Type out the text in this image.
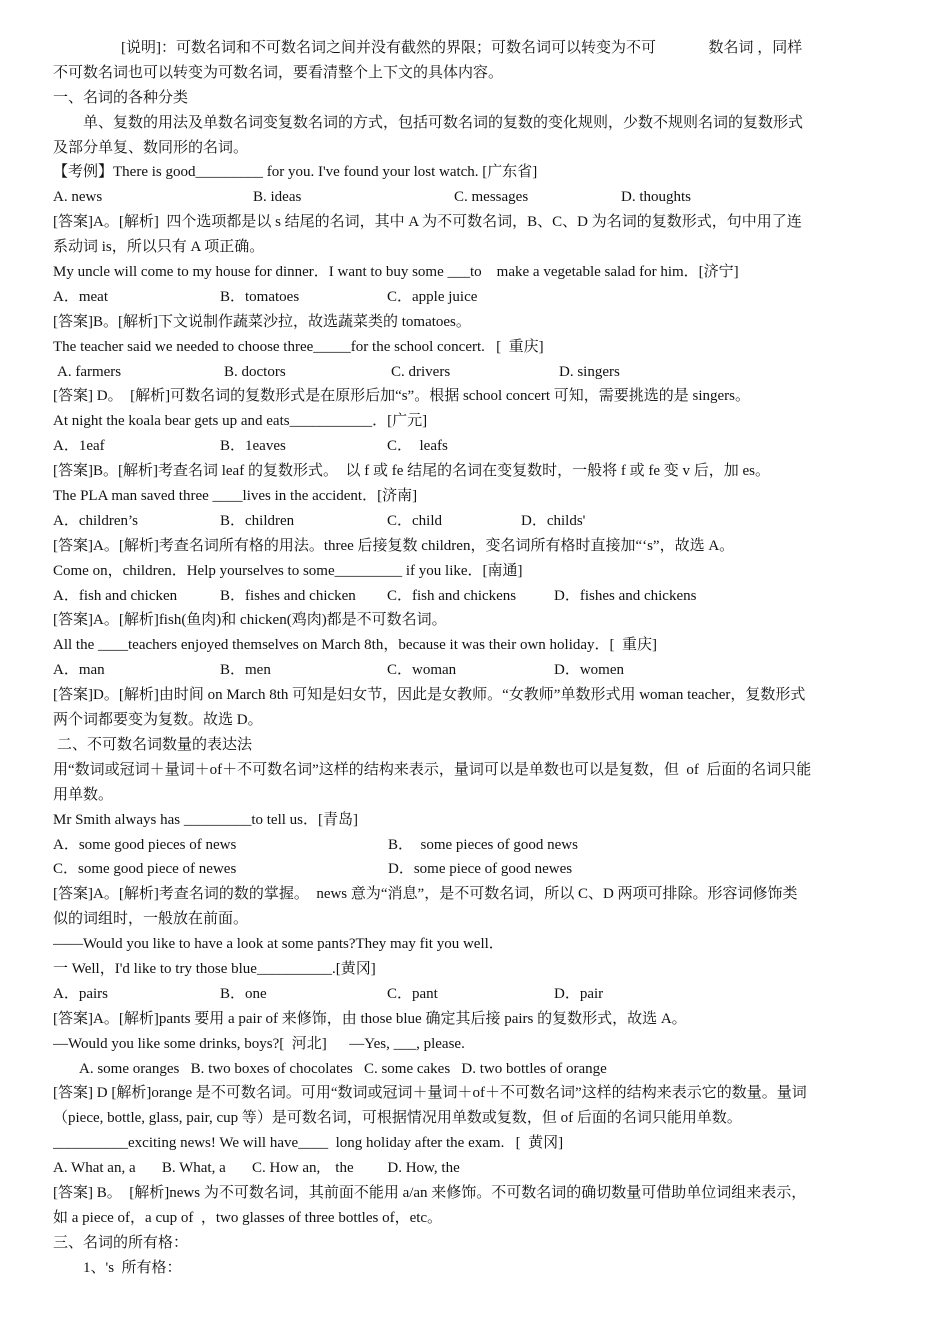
[说明]：可数名词和不可数名词之间并没有截然的界限；可数名词可以转变为不可              数名词 ，同样
不可数名词也可以转变为可数名词，要看清整个上下文的具体内容。
一、名词的各种分类
单、复数的用法及单数名词变复数名词的方式，包括可数名词的复数的变化规则，少数不规则名词的复数形式
及部分单复、数同形的名词。
【考例】There is good_________ for you. I've found your lost watch. [广东省]
A. news	B. ideas	C. messages	D. thoughts
[答案]A。[解析]  四个选项都是以 s 结尾的名词，其中 A 为不可数名词，B、C、D 为名词的复数形式，句中用了连
系动词 is，所以只有 A 项正确。
My uncle will come to my house for dinner．I want to buy some ___to    make a vegetable salad for him．[济宁]
A．meat	B．tomatoes	C．apple juice
[答案]B。[解析]下文说制作蔬菜沙拉，故选蔬菜类的 tomatoes。
The teacher said we needed to choose three_____for the school concert.   [  重庆]
A. farmers	B. doctors	C. drivers	D. singers
[答案] D。  [解析]可数名词的复数形式是在原形后加“s”。根据 school concert 可知，需要挑选的是 singers。
At night the koala bear gets up and eats___________．[广元]
A．1eaf	B．1eaves	C．  leafs
[答案]B。[解析]考查名词 leaf 的复数形式。  以 f 或 fe 结尾的名词在变复数时，一般将 f 或 fe 变 v 后，加 es。
The PLA man saved three ____lives in the accident．[济南]
A．children’s	B．children	C．child	D．childs'
[答案]A。[解析]考查名词所有格的用法。three 后接复数 children，变名词所有格时直接加“‘s”，故选 A。
Come on，children．Help yourselves to some_________ if you like．[南通]
A．fish and chicken	B．fishes and chicken	C．fish and chickens	D．fishes and chickens
[答案]A。[解析]fish(鱼肉)和 chicken(鸡肉)都是不可数名词。
All the ____teachers enjoyed themselves on March 8th，because it was their own holiday．[  重庆]
A．man	B．men	C．woman	D．women
[答案]D。[解析]由时间 on March 8th 可知是妇女节，因此是女教师。“女教师”单数形式用 woman teacher，复数形式
两个词都要变为复数。故选 D。
二、不可数名词数量的表达法
用“数词或冠词＋量词＋of＋不可数名词”这样的结构来表示，量词可以是单数也可以是复数，但  of  后面的名词只能
用单数。
Mr Smith always has _________to tell us．[青岛]
A．some good pieces of news	B．  some pieces of good news
C．some good piece of newes	D．some piece of good newes
[答案]A。[解析]考查名词的数的掌握。  news 意为“消息”，是不可数名词，所以 C、D 两项可排除。形容词修饰类
似的词组时，一般放在前面。
——Would you like to have a look at some pants?They may fit you well．
一 Well，I'd like to try those blue__________.[黄冈]
A．pairs	B．one	C．pant	D．pair
[答案]A。[解析]pants 要用 a pair of 来修饰，由 those blue 确定其后接 pairs 的复数形式，故选 A。
—Would you like some drinks, boys?[  河北]      —Yes, ___, please.
A. some oranges   B. two boxes of chocolates   C. some cakes   D. two bottles of orange
[答案] D [解析]orange 是不可数名词。可用“数词或冠词＋量词＋of＋不可数名词”这样的结构来表示它的数量。量词
（piece, bottle, glass, pair, cup 等）是可数名词，可根据情况用单数或复数，但 of 后面的名词只能用单数。
__________exciting news! We will have____  long holiday after the exam.   [  黄冈]
A. What an, a       B. What, a       C. How an,    the         D. How, the
[答案] B。  [解析]news 为不可数名词，其前面不能用 a/an 来修饰。不可数名词的确切数量可借助单位词组来表示，
如 a piece of，a cup of  ，two glasses of three bottles of，etc。
三、名词的所有格：
1、's  所有格：
